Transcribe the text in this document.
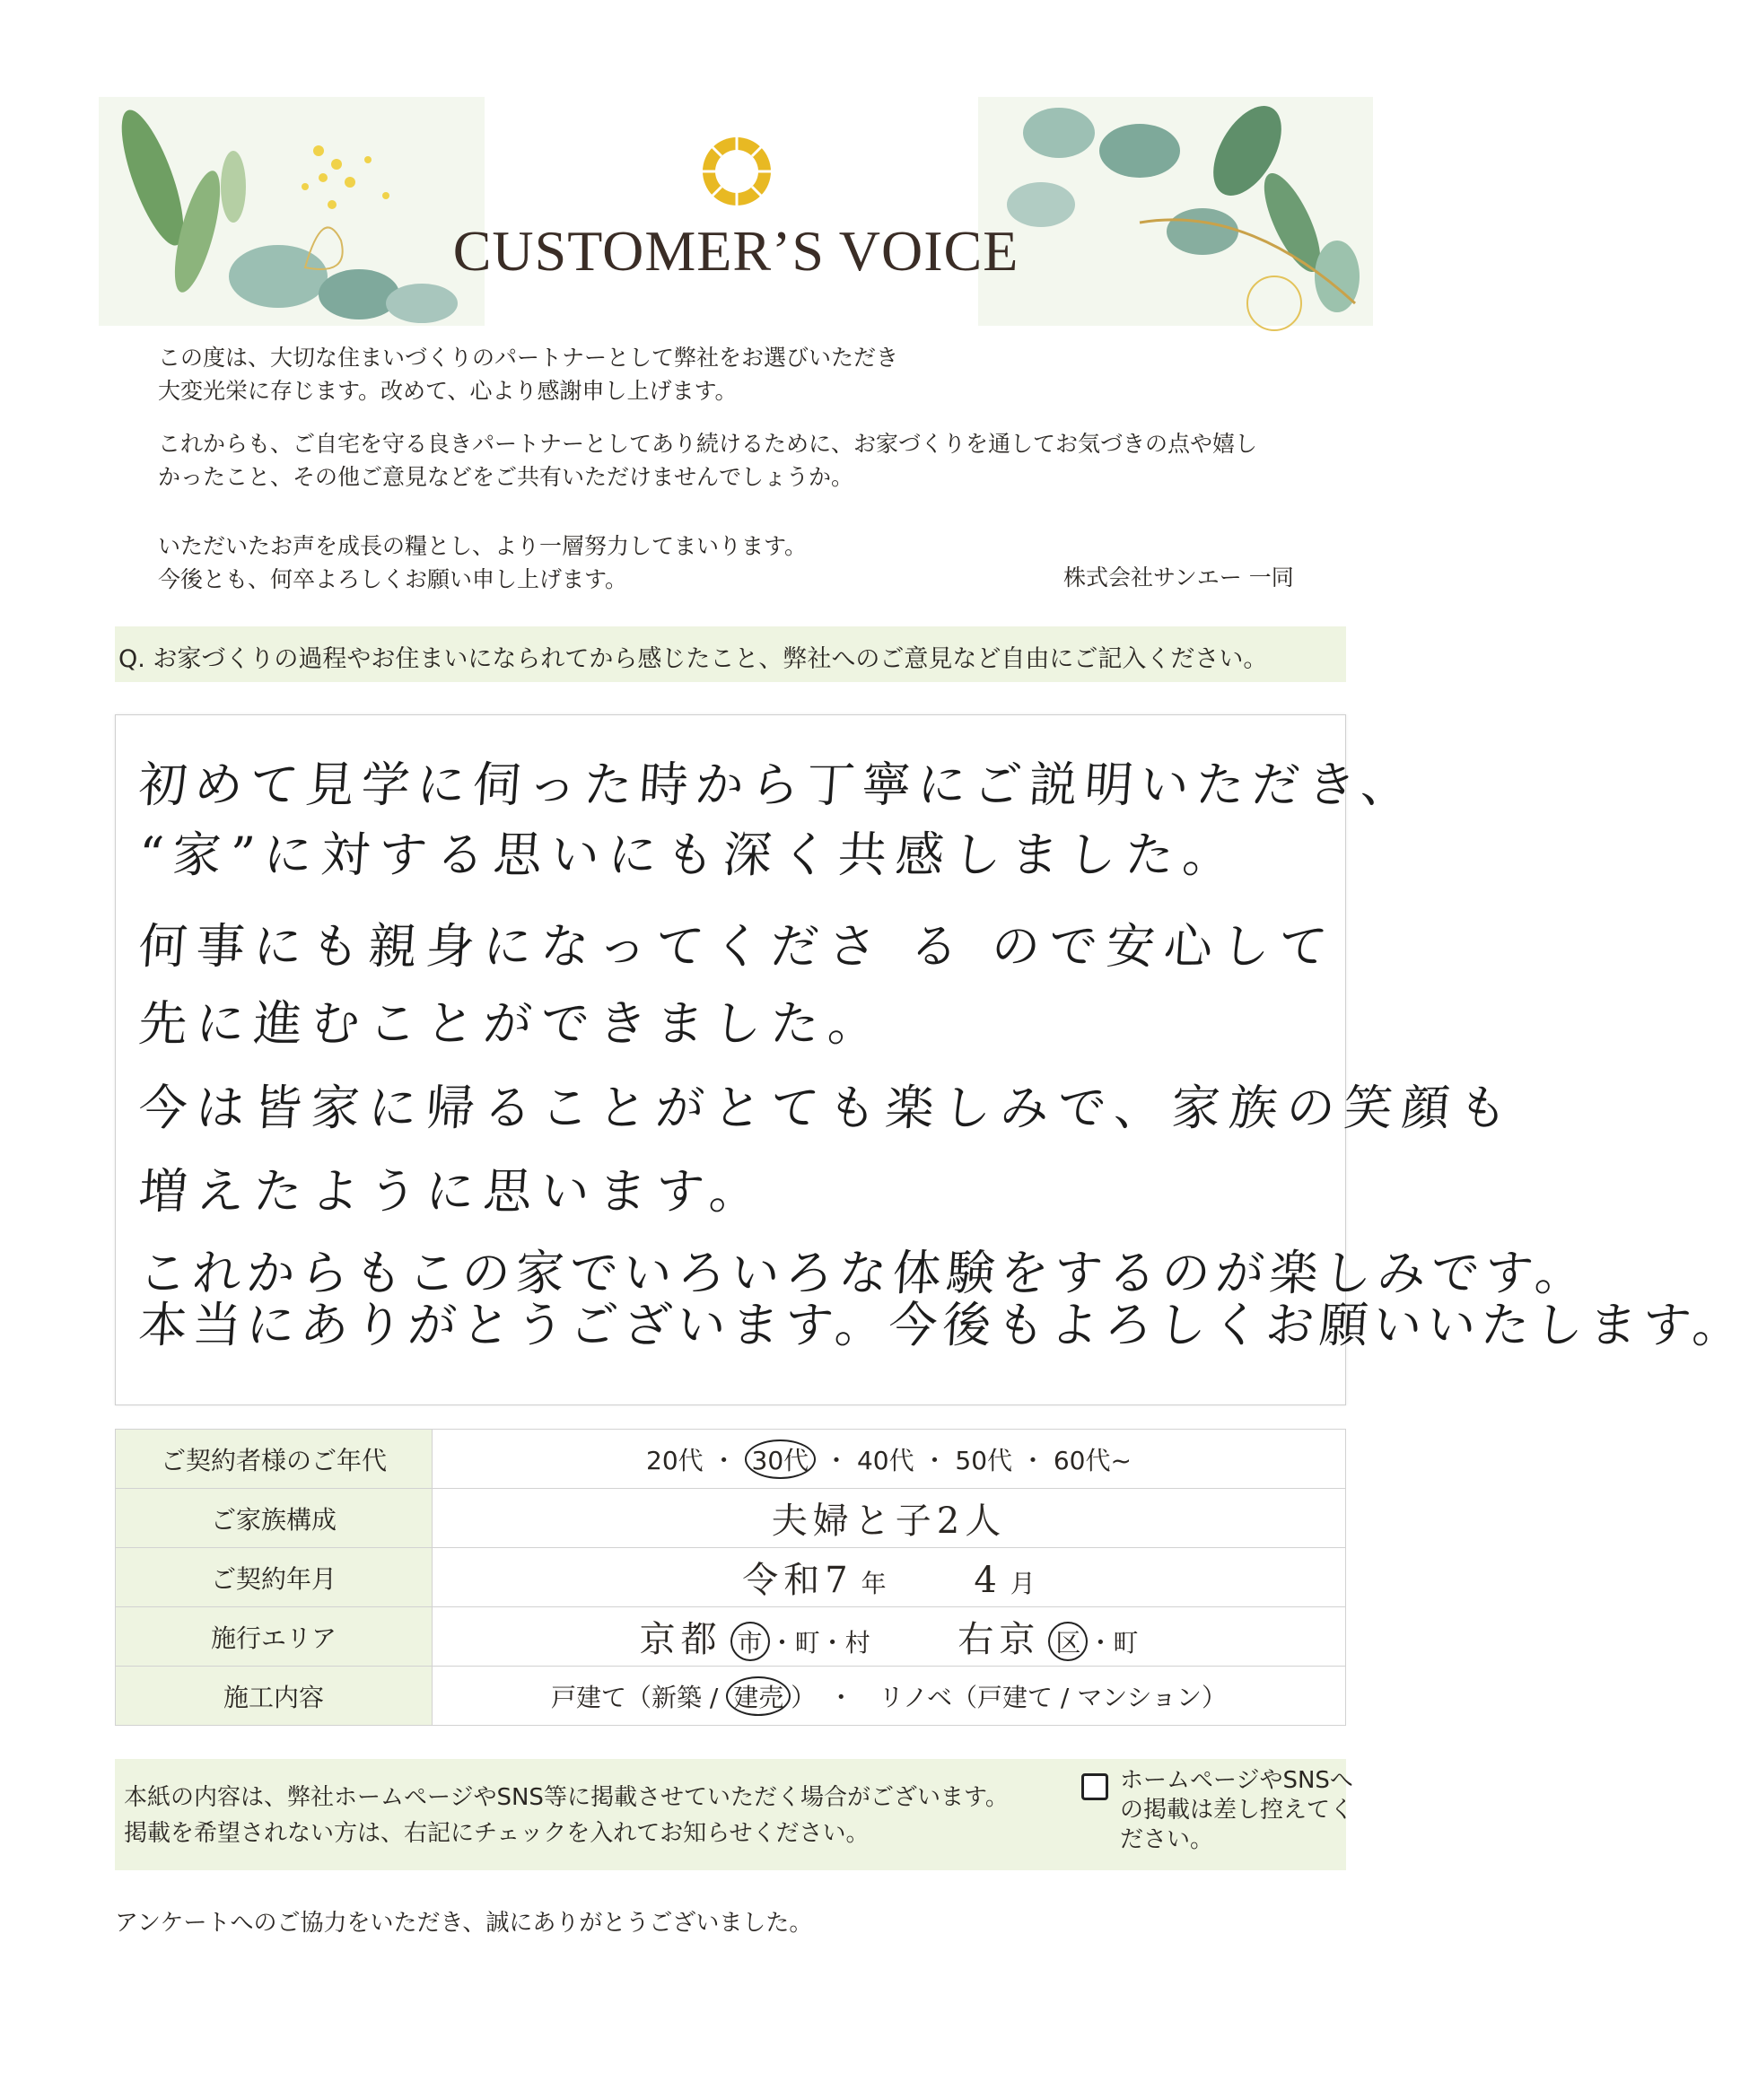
CUSTOMER’S VOICE
この度は、大切な住まいづくりのパートナーとして弊社をお選びいただき
大変光栄に存じます。改めて、心より感謝申し上げます。
これからも、ご自宅を守る良きパートナーとしてあり続けるために、お家づくりを通してお気づきの点や嬉し
かったこと、その他ご意見などをご共有いただけませんでしょうか。
いただいたお声を成長の糧とし、より一層努力してまいります。
今後とも、何卒よろしくお願い申し上げます。	株式会社サンエー 一同
Q. お家づくりの過程やお住まいになられてから感じたこと、弊社へのご意見など自由にご記入ください。
初めて見学に伺った時から丁寧にご説明いただき、
“家”に対する思いにも深く共感しました。
何事にも親身になってくださ る ので安心して
先に進むことができました。
今は皆家に帰ることがとても楽しみで、家族の笑顔も
増えたように思います。
これからもこの家でいろいろな体験をするのが楽しみです。
本当にありがとうございます。今後もよろしくお願いいたします。
ご契約者様のご年代	20代 ・ 30代 ・ 40代 ・ 50代 ・ 60代~
ご家族構成	夫婦と子2人
ご契約年月	令和7 年 4 月
施行エリア	京都 市 ・町・村 右京 区 ・町
施工内容	戸建て（新築 / 建売 ）　・　リノベ（戸建て / マンション）
本紙の内容は、弊社ホームページやSNS等に掲載させていただく場合がございます。
掲載を希望されない方は、右記にチェックを入れてお知らせください。
ホームページやSNSへ
の掲載は差し控えてく
ださい。
アンケートへのご協力をいただき、誠にありがとうございました。
